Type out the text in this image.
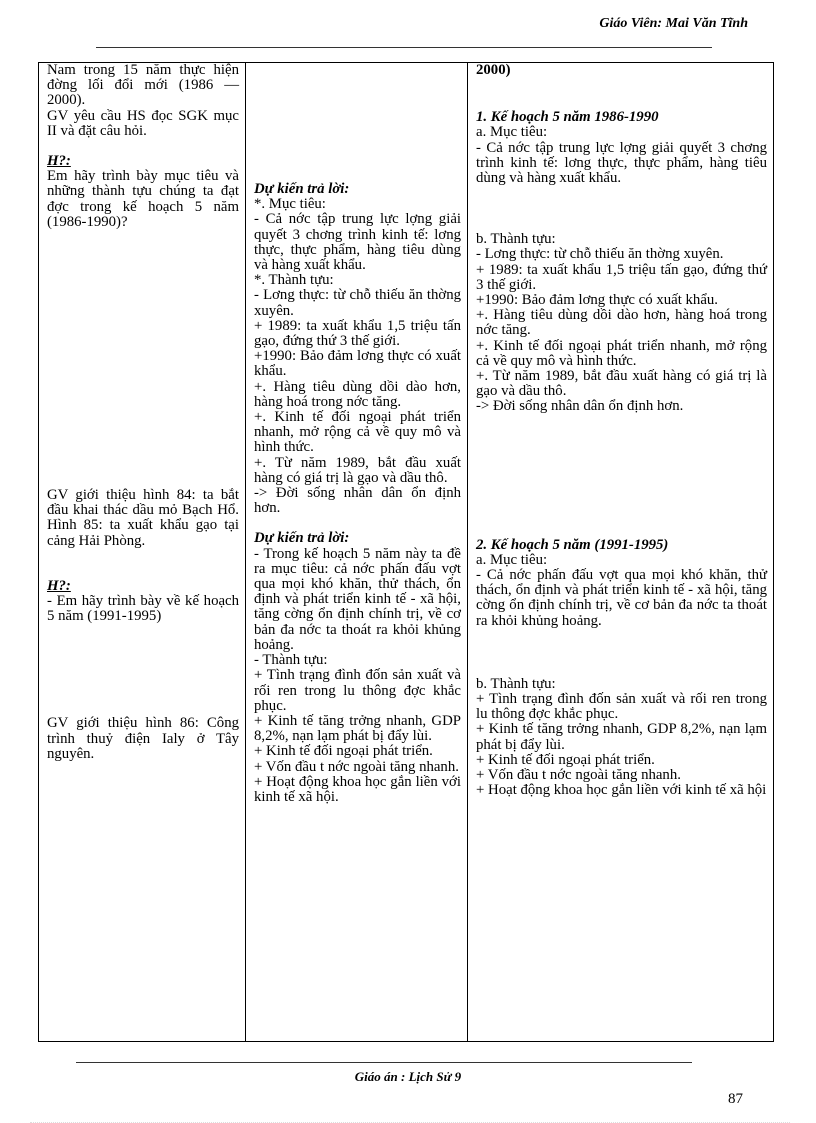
Giáo Viên: Mai Văn Tĩnh
Nam trong 15 năm thực hiện đờng lối đổi mới (1986 — 2000).
GV yêu cầu HS đọc SGK mục II và đặt câu hỏi.
H?:
Em hãy trình bày mục tiêu và những thành tựu chúng ta đạt đợc trong kế hoạch 5 năm (1986-1990)?
GV giới thiệu hình 84: ta bắt đầu khai thác dầu mỏ Bạch Hổ. Hình 85: ta xuất khẩu gạo tại cảng Hải Phòng.
H?:
- Em hãy trình bày về kế hoạch 5 năm (1991-1995)
GV giới thiệu hình 86: Công trình thuỷ điện Ialy ở Tây nguyên.
Dự kiến trả lời:
*. Mục tiêu:
- Cả nớc tập trung lực lợng giải quyết 3 chơng trình kinh tế: lơng thực, thực phẩm, hàng tiêu dùng và hàng xuất khẩu.
*. Thành tựu:
- Lơng thực: từ chỗ thiếu ăn thờng xuyên.
+ 1989: ta xuất khẩu 1,5 triệu tấn gạo, đứng thứ 3 thế giới.
+1990: Bảo đảm lơng thực có xuất khẩu.
+. Hàng tiêu dùng dồi dào hơn, hàng hoá trong nớc tăng.
+. Kinh tế đối ngoại phát triển nhanh, mở rộng cả về quy mô và hình thức.
+. Từ năm 1989, bắt đầu xuất hàng có giá trị là gạo và dầu thô.
-> Đời sống nhân dân ổn định hơn.
Dự kiến trả lời:
- Trong kế hoạch 5 năm này ta đề ra mục tiêu: cả nớc phấn đấu vợt qua mọi khó khăn, thử thách, ổn định và phát triển kinh tế - xã hội, tăng cờng ổn định chính trị, về cơ bản đa nớc ta thoát ra khỏi khủng hoảng.
- Thành tựu:
+ Tình trạng đình đốn sản xuất và rối ren trong lu thông đợc khắc phục.
+ Kinh tế tăng trởng nhanh, GDP 8,2%, nạn lạm phát bị đẩy lùi.
+ Kinh tế đối ngoại phát triển.
+ Vốn đầu t nớc ngoài tăng nhanh.
+ Hoạt động khoa học gắn liền với kinh tế xã hội.
2000)
1. Kế hoạch 5 năm 1986-1990
a. Mục tiêu:
- Cả nớc tập trung lực lợng giải quyết 3 chơng trình kinh tế: lơng thực, thực phẩm, hàng tiêu dùng và hàng xuất khẩu.
b. Thành tựu:
- Lơng thực: từ chỗ thiếu ăn thờng xuyên.
+ 1989: ta xuất khẩu 1,5 triệu tấn gạo, đứng thứ 3 thế giới.
+1990: Bảo đảm lơng thực có xuất khẩu.
+. Hàng tiêu dùng dồi dào hơn, hàng hoá trong nớc tăng.
+. Kinh tế đối ngoại phát triển nhanh, mở rộng cả về quy mô và hình thức.
+. Từ năm 1989, bắt đầu xuất hàng có giá trị là gạo và dầu thô.
-> Đời sống nhân dân ổn định hơn.
2. Kế hoạch 5 năm (1991-1995)
a. Mục tiêu:
- Cả nớc phấn đấu vợt qua mọi khó khăn, thử thách, ổn định và phát triển kinh tế - xã hội, tăng cờng ổn định chính trị, về cơ bản đa nớc ta thoát ra khỏi khủng hoảng.
b. Thành tựu:
+ Tình trạng đình đốn sản xuất và rối ren trong lu thông đợc khắc phục.
+ Kinh tế tăng trởng nhanh, GDP 8,2%, nạn lạm phát bị đẩy lùi.
+ Kinh tế đối ngoại phát triển.
+ Vốn đầu t nớc ngoài tăng nhanh.
+ Hoạt động khoa học gắn liền với kinh tế xã hội
Giáo án : Lịch Sử 9
87
